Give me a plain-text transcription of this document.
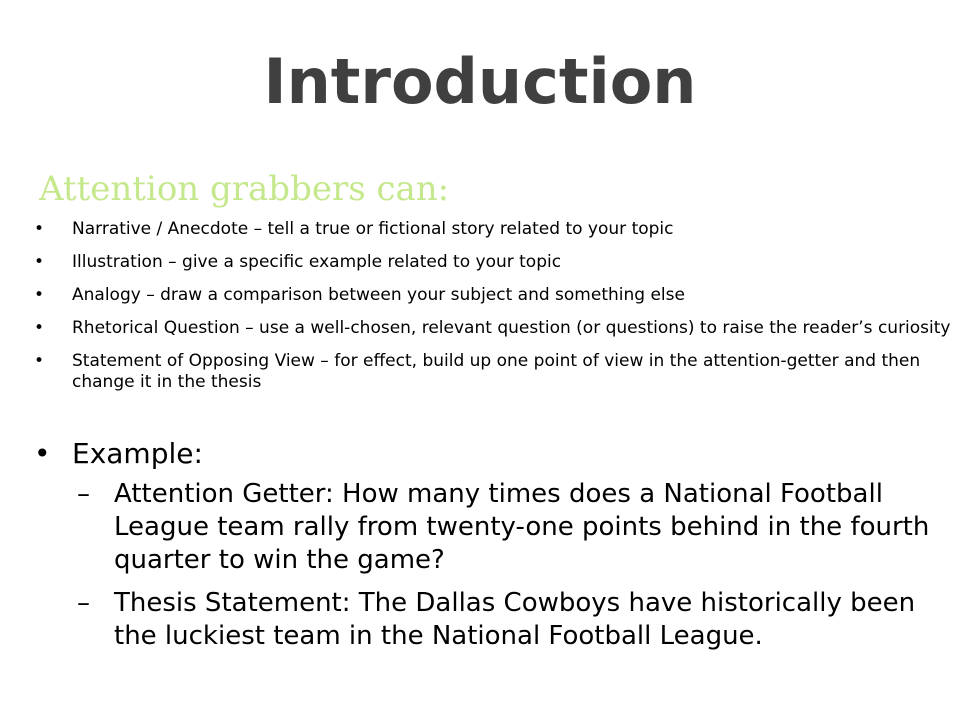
Introduction
Attention grabbers can:
• Narrative / Anecdote – tell a true or fictional story related to your topic
• Illustration – give a specific example related to your topic
• Analogy – draw a comparison between your subject and something else
• Rhetorical Question – use a well-chosen, relevant question (or questions) to raise the reader’s curiosity
• Statement of Opposing View – for effect, build up one point of view in the attention-getter and then change it in the thesis
• Example:
– Attention Getter: How many times does a National Football League team rally from twenty-one points behind in the fourth quarter to win the game?
– Thesis Statement: The Dallas Cowboys have historically been the luckiest team in the National Football League.
